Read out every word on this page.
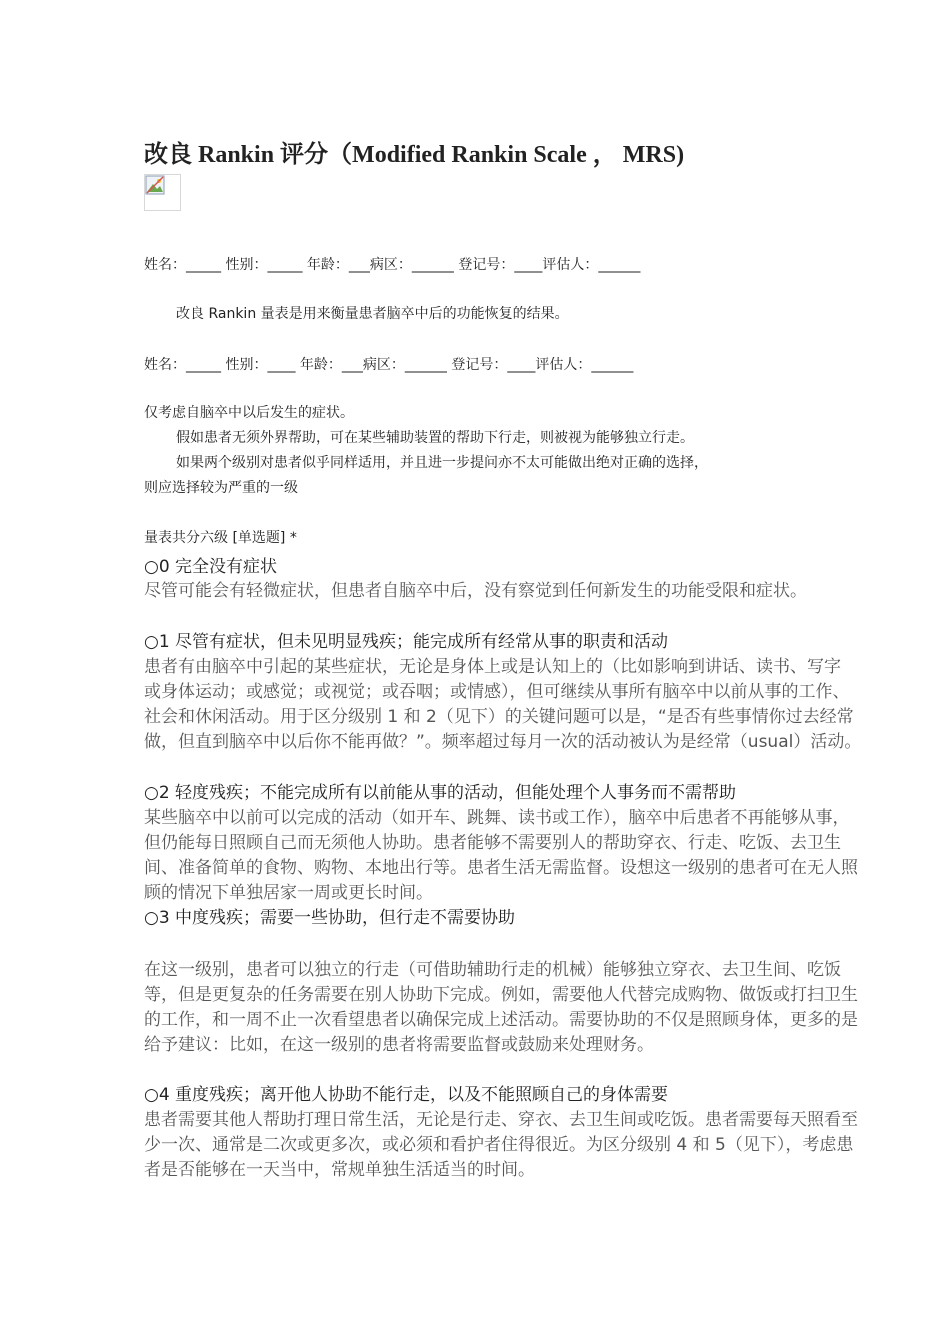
改良 Rankin 评分（Modified Rankin Scale ， MRS)
姓名：_____ 性别：_____ 年龄：___病区：______ 登记号：____评估人：______
改良 Rankin 量表是用来衡量患者脑卒中后的功能恢复的结果。
姓名：_____ 性别：____ 年龄：___病区：______ 登记号：____评估人：______
仅考虑自脑卒中以后发生的症状。
假如患者无须外界帮助，可在某些辅助装置的帮助下行走，则被视为能够独立行走。
如果两个级别对患者似乎同样适用，并且进一步提问亦不太可能做出绝对正确的选择，
则应选择较为严重的一级
量表共分六级 [单选题] *
○0 完全没有症状
尽管可能会有轻微症状，但患者自脑卒中后，没有察觉到任何新发生的功能受限和症状。
○1 尽管有症状，但未见明显残疾；能完成所有经常从事的职责和活动
患者有由脑卒中引起的某些症状，无论是身体上或是认知上的（比如影响到讲话、读书、写字
或身体运动；或感觉；或视觉；或吞咽；或情感），但可继续从事所有脑卒中以前从事的工作、
社会和休闲活动。用于区分级别 1 和 2（见下）的关键问题可以是，“是否有些事情你过去经常
做，但直到脑卒中以后你不能再做？”。频率超过每月一次的活动被认为是经常（usual）活动。
○2 轻度残疾；不能完成所有以前能从事的活动，但能处理个人事务而不需帮助
某些脑卒中以前可以完成的活动（如开车、跳舞、读书或工作），脑卒中后患者不再能够从事，
但仍能每日照顾自己而无须他人协助。患者能够不需要别人的帮助穿衣、行走、吃饭、去卫生
间、准备简单的食物、购物、本地出行等。患者生活无需监督。设想这一级别的患者可在无人照
顾的情况下单独居家一周或更长时间。
○3 中度残疾；需要一些协助，但行走不需要协助
在这一级别，患者可以独立的行走（可借助辅助行走的机械）能够独立穿衣、去卫生间、吃饭
等，但是更复杂的任务需要在别人协助下完成。例如，需要他人代替完成购物、做饭或打扫卫生
的工作，和一周不止一次看望患者以确保完成上述活动。需要协助的不仅是照顾身体，更多的是
给予建议：比如，在这一级别的患者将需要监督或鼓励来处理财务。
○4 重度残疾；离开他人协助不能行走，以及不能照顾自己的身体需要
患者需要其他人帮助打理日常生活，无论是行走、穿衣、去卫生间或吃饭。患者需要每天照看至
少一次、通常是二次或更多次，或必须和看护者住得很近。为区分级别 4 和 5（见下），考虑患
者是否能够在一天当中，常规单独生活适当的时间。
